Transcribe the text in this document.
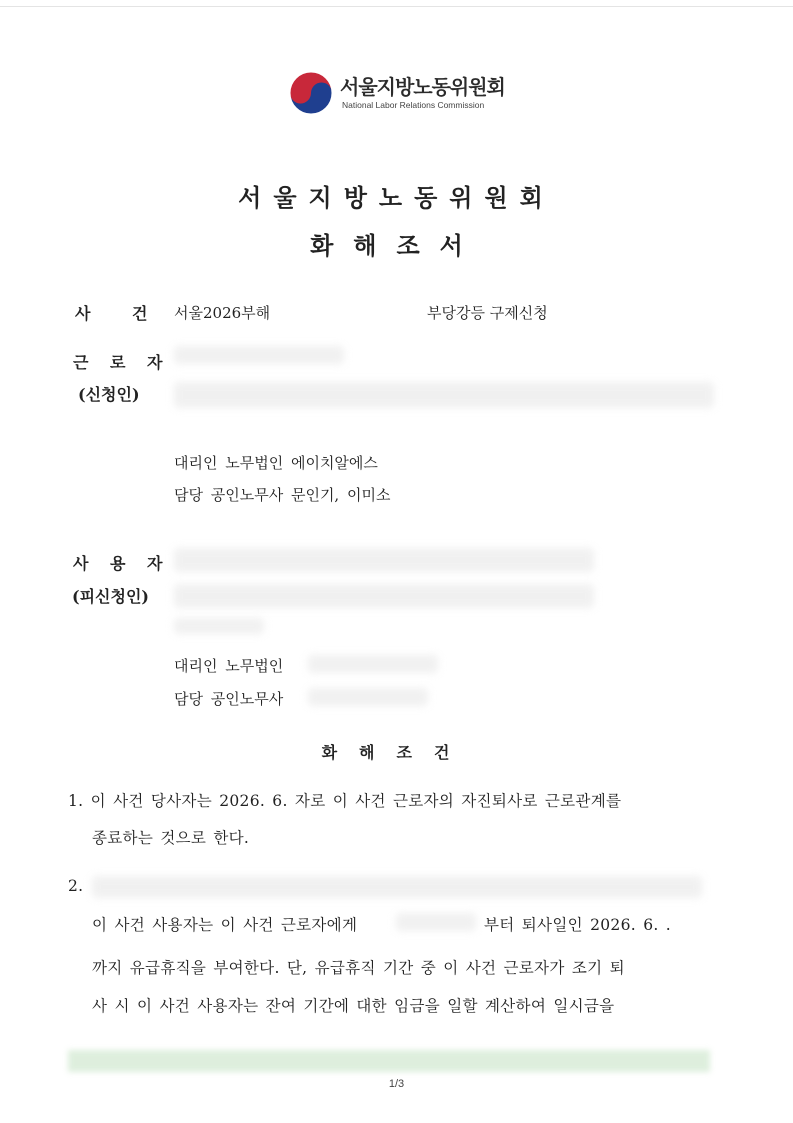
서울지방노동위원회
National Labor Relations Commission
서울지방노동위원회
화해조서
사 건 서울2026부해	부당강등 구제신청
근 로 자
(신청인)
대리인 노무법인 에이치알에스
담당 공인노무사 문인기, 이미소
사 용 자
(피신청인)
대리인 노무법인
담당 공인노무사
화해조건
1. 이 사건 당사자는 2026. 6. 자로 이 사건 근로자의 자진퇴사로 근로관계를
종료하는 것으로 한다.
2.
이 사건 사용자는 이 사건 근로자에게	부터 퇴사일인 2026. 6. .
까지 유급휴직을 부여한다. 단, 유급휴직 기간 중 이 사건 근로자가 조기 퇴
사 시 이 사건 사용자는 잔여 기간에 대한 임금을 일할 계산하여 일시금을
1/3
